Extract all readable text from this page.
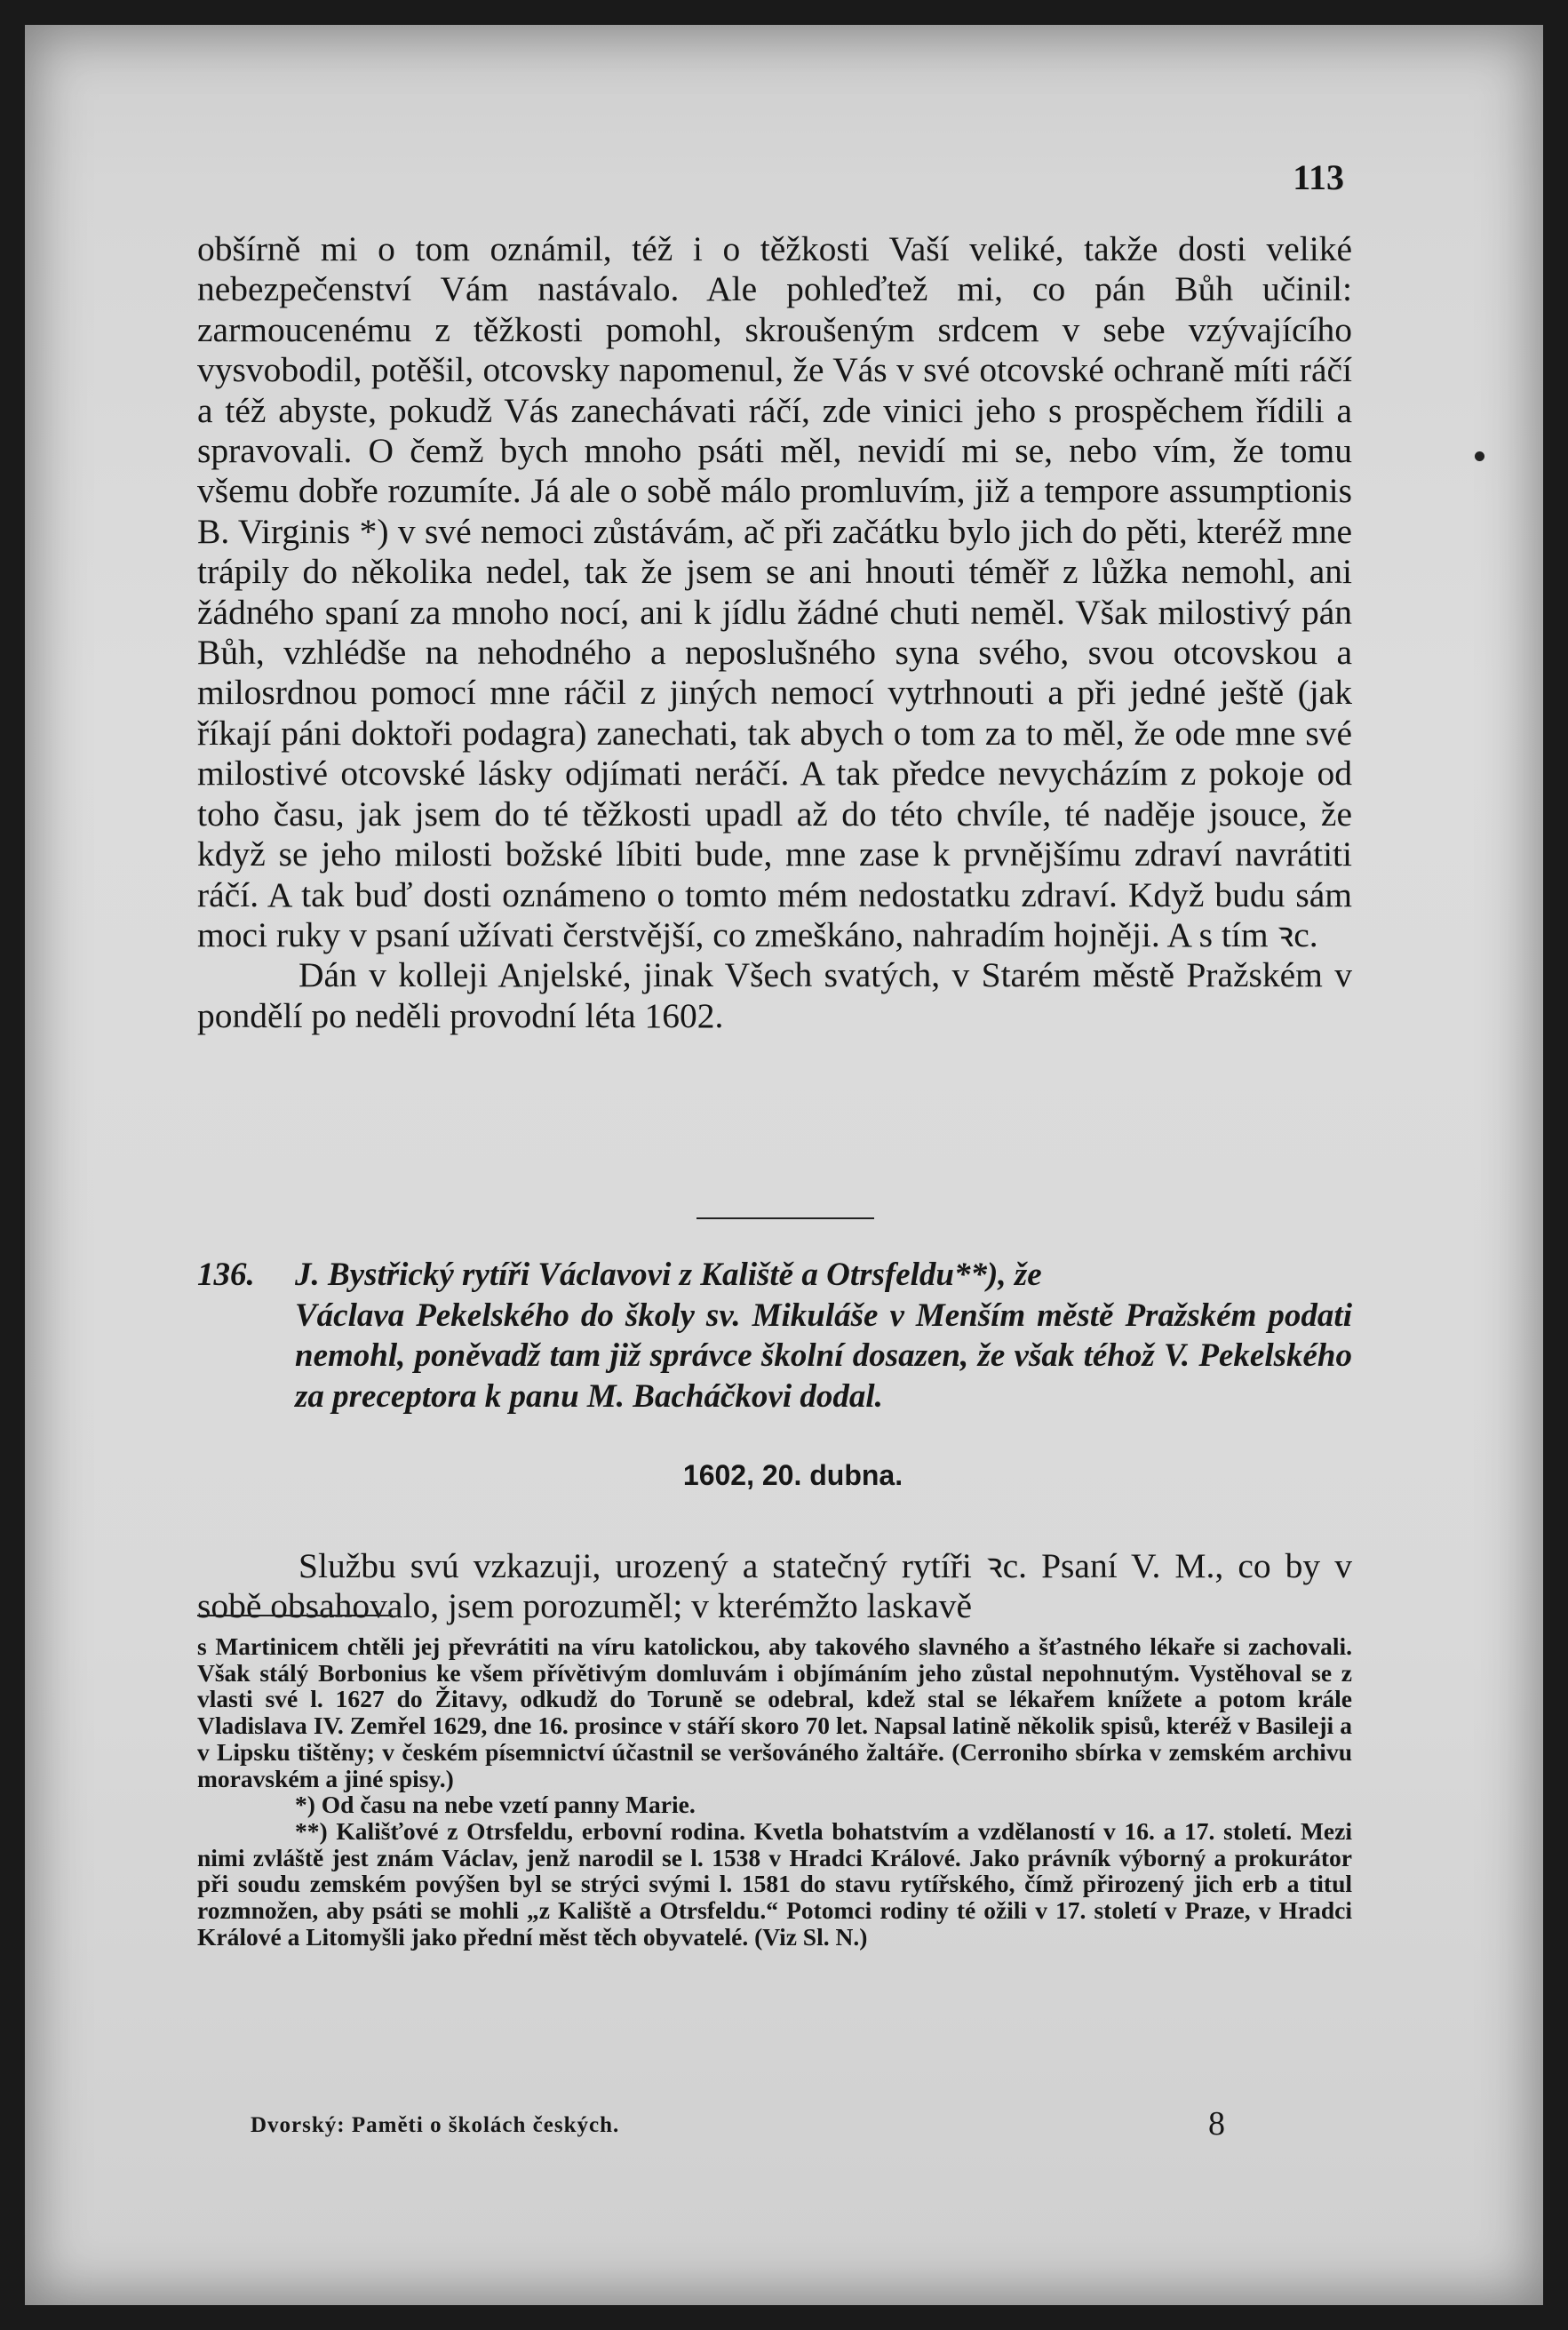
113

obšírně mi o tom oznámil, též i o těžkosti Vaší veliké, takže dosti veliké nebezpečenství Vám nastávalo. Ale pohleďtež mi, co pán Bůh učinil: zarmoucenému z těžkosti pomohl, skroušeným srdcem v sebe vzývajícího vysvobodil, potěšil, otcovsky napomenul, že Vás v své otcovské ochraně míti ráčí a též abyste, pokudž Vás zanechávati ráčí, zde vinici jeho s prospěchem řídili a spravovali. O čemž bych mnoho psáti měl, nevidí mi se, nebo vím, že tomu všemu dobře rozumíte. Já ale o sobě málo promluvím, již a tempore assumptionis B. Virginis *) v své nemoci zůstávám, ač při začátku bylo jich do pěti, kteréž mne trápily do několika nedel, tak že jsem se ani hnouti téměř z lůžka nemohl, ani žádného spaní za mnoho nocí, ani k jídlu žádné chuti neměl. Však milostivý pán Bůh, vzhlédše na nehodného a neposlušného syna svého, svou otcovskou a milosrdnou pomocí mne ráčil z jiných nemocí vytrhnouti a při jedné ještě (jak říkají páni doktoři podagra) zanechati, tak abych o tom za to měl, že ode mne své milostivé otcovské lásky odjímati neráčí. A tak předce nevycházím z pokoje od toho času, jak jsem do té těžkosti upadl až do této chvíle, té naděje jsouce, že když se jeho milosti božské líbiti bude, mne zase k prvnějšímu zdraví navrátiti ráčí. A tak buď dosti oznámeno o tomto mém nedostatku zdraví. Když budu sám moci ruky v psaní užívati čerstvější, co zmeškáno, nahradím hojněji. A s tím ꝛc.

Dán v kolleji Anjelské, jinak Všech svatých, v Starém městě Pražském v pondělí po neděli provodní léta 1602.

136. J. Bystřický rytíři Václavovi z Kaliště a Otrsfeldu**), že
Václava Pekelského do školy sv. Mikuláše v Menším městě Pražském podati nemohl, poněvadž tam již správce školní dosazen, že však téhož V. Pekelského za preceptora k panu M. Bacháčkovi dodal.
1602, 20. dubna.

Službu svú vzkazuji, urozený a statečný rytíři ꝛc. Psaní V. M., co by v sobě obsahovalo, jsem porozuměl; v kterémžto laskavě

s Martinicem chtěli jej převrátiti na víru katolickou, aby takového slavného a šťastného lékaře si zachovali. Však stálý Borbonius ke všem přívětivým domluvám i objímáním jeho zůstal nepohnutým. Vystěhoval se z vlasti své l. 1627 do Žitavy, odkudž do Toruně se odebral, kdež stal se lékařem knížete a potom krále Vladislava IV. Zemřel 1629, dne 16. prosince v stáří skoro 70 let. Napsal latině několik spisů, kteréž v Basileji a v Lipsku tištěny; v českém písemnictví účastnil se veršováného žaltáře. (Cerroniho sbírka v zemském archivu moravském a jiné spisy.)

*) Od času na nebe vzetí panny Marie.

**) Kališťové z Otrsfeldu, erbovní rodina. Kvetla bohatstvím a vzdělaností v 16. a 17. století. Mezi nimi zvláště jest znám Václav, jenž narodil se l. 1538 v Hradci Králové. Jako právník výborný a prokurátor při soudu zemském povýšen byl se strýci svými l. 1581 do stavu rytířského, čímž přirozený jich erb a titul rozmnožen, aby psáti se mohli „z Kaliště a Otrsfeldu.“ Potomci rodiny té ožili v 17. století v Praze, v Hradci Králové a Litomyšli jako přední měst těch obyvatelé. (Viz Sl. N.)

Dvorský: Paměti o školách českých.	8
